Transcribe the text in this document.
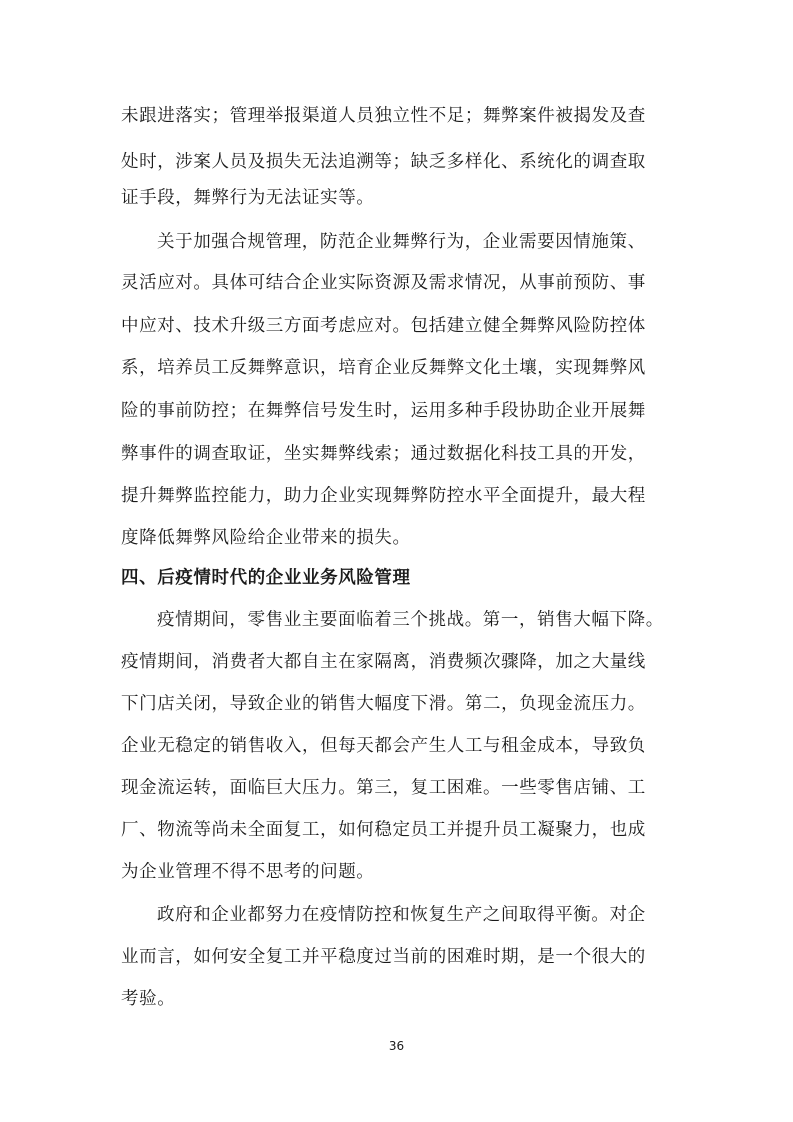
未跟进落实；管理举报渠道人员独立性不足；舞弊案件被揭发及查
处时，涉案人员及损失无法追溯等；缺乏多样化、系统化的调查取
证手段，舞弊行为无法证实等。
关于加强合规管理，防范企业舞弊行为，企业需要因情施策、
灵活应对。具体可结合企业实际资源及需求情况，从事前预防、事
中应对、技术升级三方面考虑应对。包括建立健全舞弊风险防控体
系，培养员工反舞弊意识，培育企业反舞弊文化土壤，实现舞弊风
险的事前防控；在舞弊信号发生时，运用多种手段协助企业开展舞
弊事件的调查取证，坐实舞弊线索；通过数据化科技工具的开发，
提升舞弊监控能力，助力企业实现舞弊防控水平全面提升，最大程
度降低舞弊风险给企业带来的损失。
四、后疫情时代的企业业务风险管理
疫情期间，零售业主要面临着三个挑战。第一，销售大幅下降。
疫情期间，消费者大都自主在家隔离，消费频次骤降，加之大量线
下门店关闭，导致企业的销售大幅度下滑。第二，负现金流压力。
企业无稳定的销售收入，但每天都会产生人工与租金成本，导致负
现金流运转，面临巨大压力。第三，复工困难。一些零售店铺、工
厂、物流等尚未全面复工，如何稳定员工并提升员工凝聚力，也成
为企业管理不得不思考的问题。
政府和企业都努力在疫情防控和恢复生产之间取得平衡。对企
业而言，如何安全复工并平稳度过当前的困难时期，是一个很大的
考验。
36
